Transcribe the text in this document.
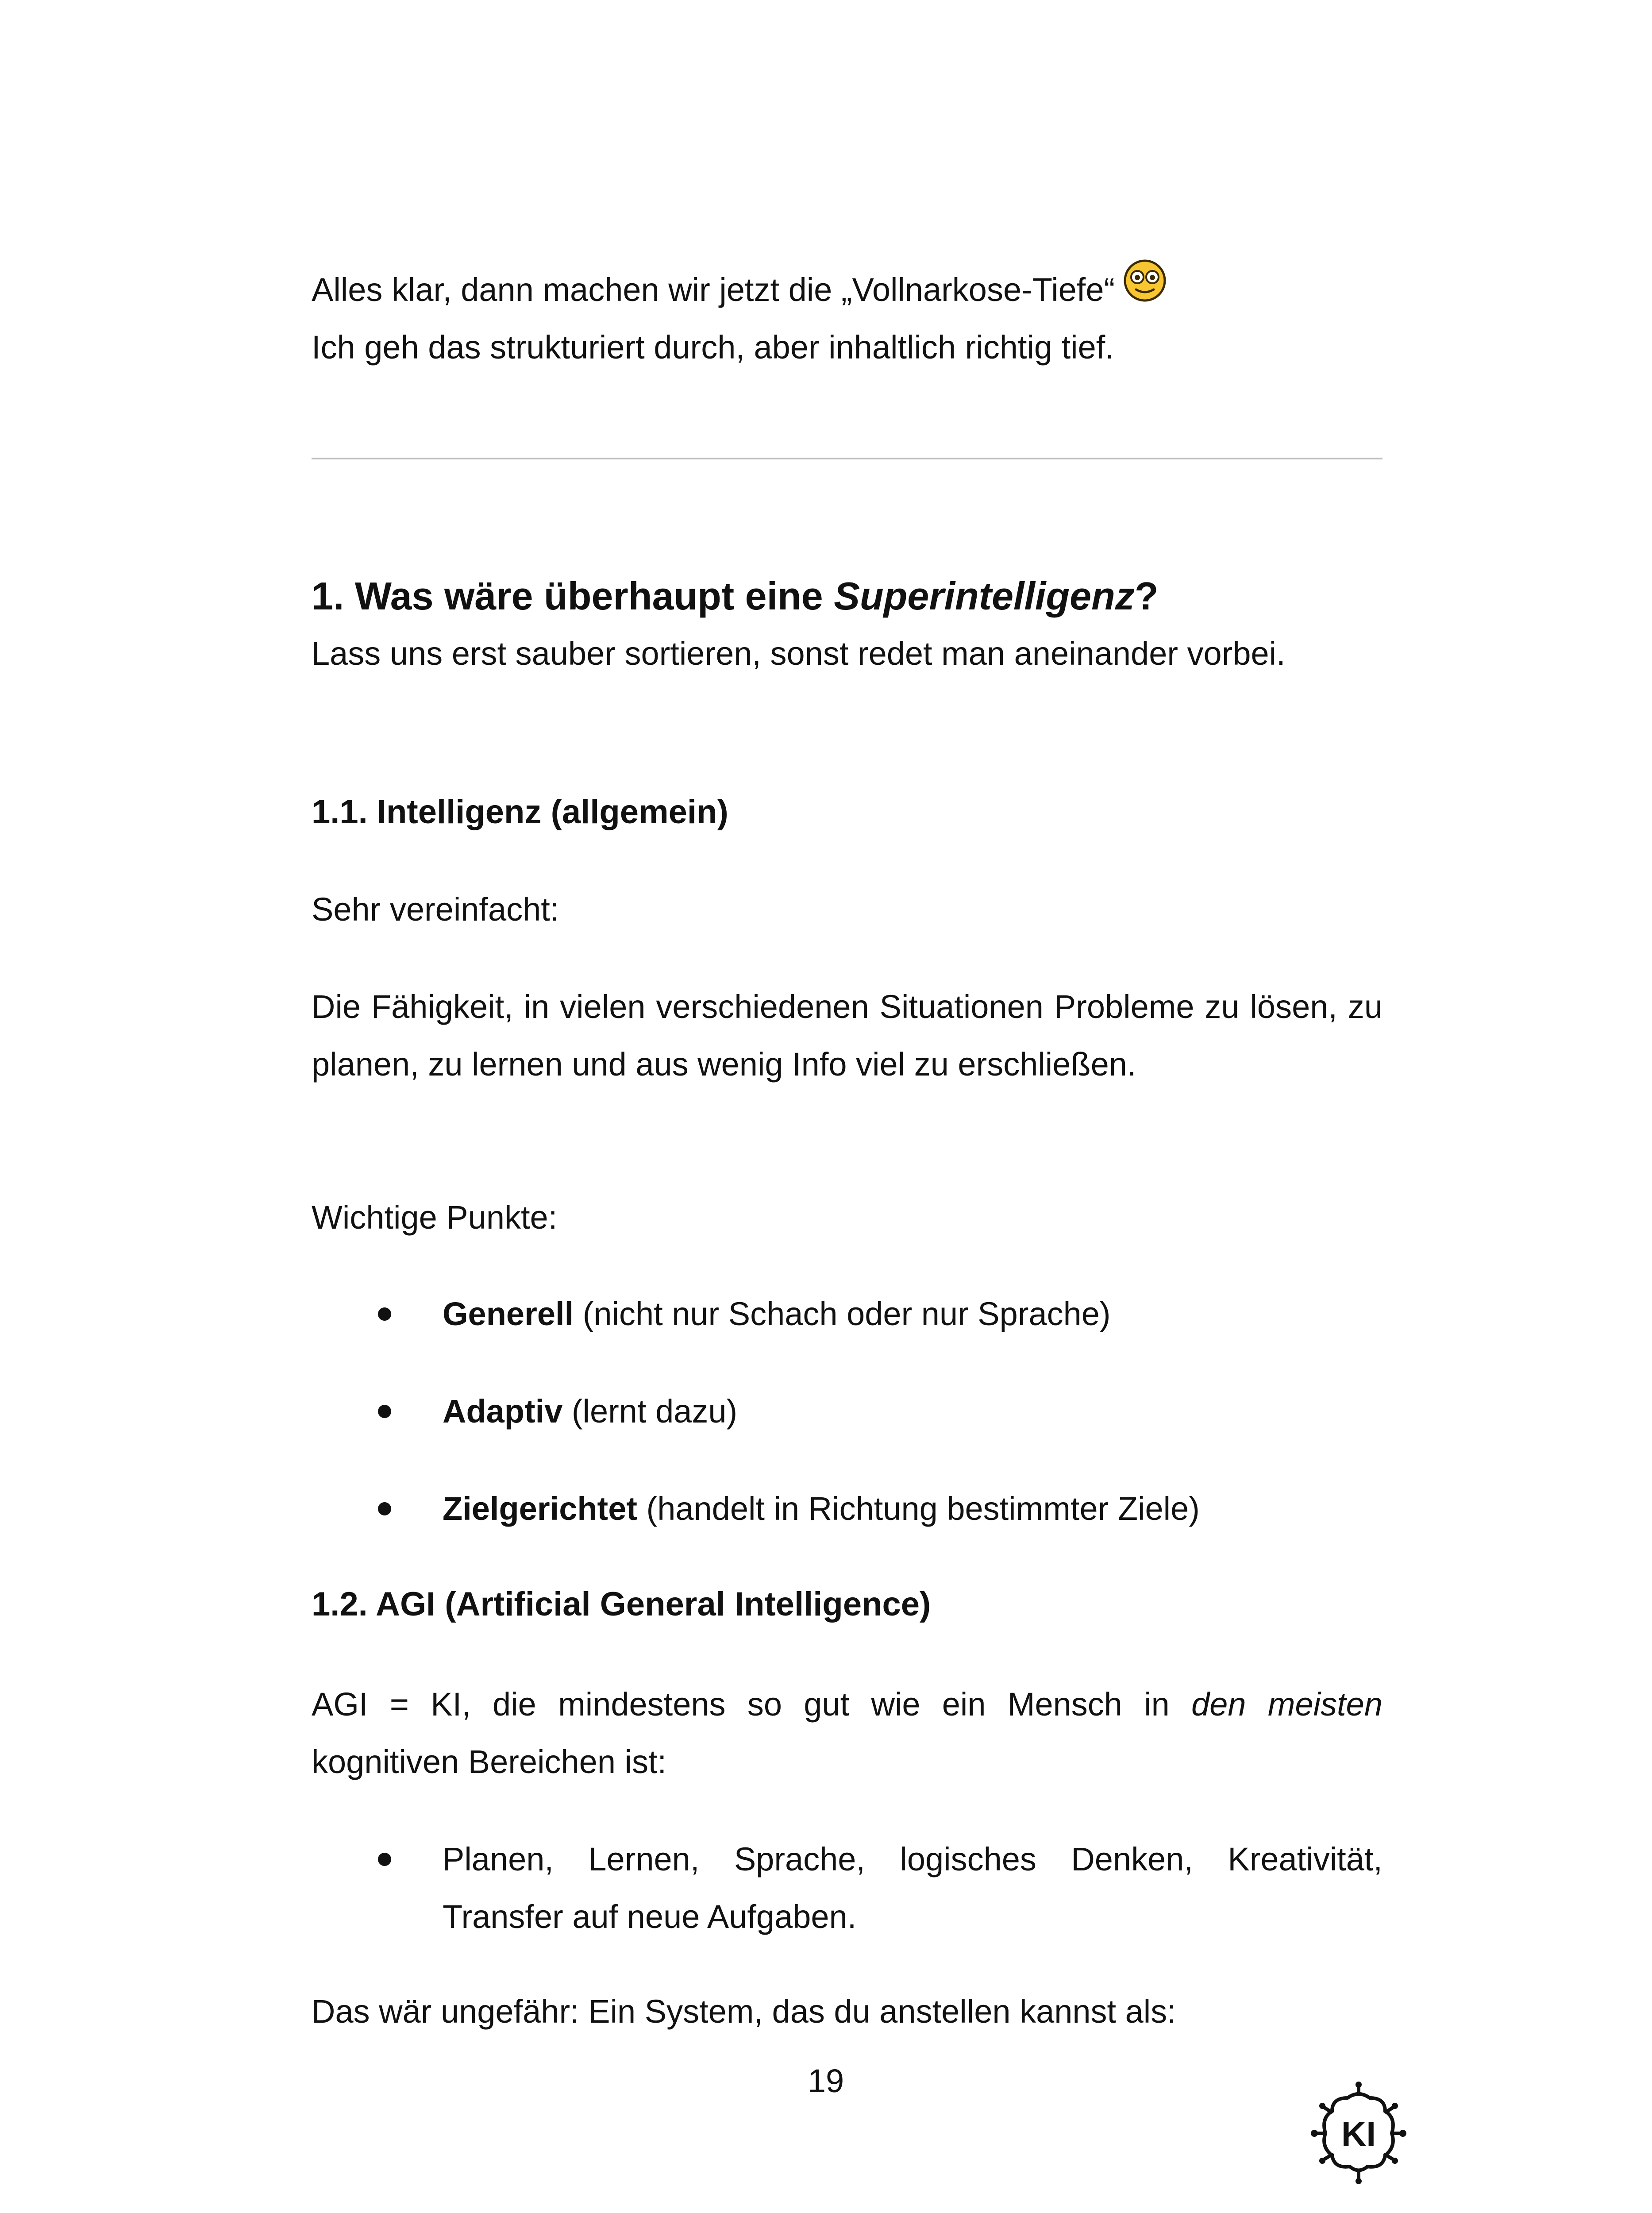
Alles klar, dann machen wir jetzt die „Vollnarkose-Tiefe“

Ich geh das strukturiert durch, aber inhaltlich richtig tief.

1. Was wäre überhaupt eine Superintelligenz?

Lass uns erst sauber sortieren, sonst redet man aneinander vorbei.

1.1. Intelligenz (allgemein)

Sehr vereinfacht:

Die Fähigkeit, in vielen verschiedenen Situationen Probleme zu lösen, zu planen, zu lernen und aus wenig Info viel zu erschließen.

Wichtige Punkte:

Generell (nicht nur Schach oder nur Sprache)
Adaptiv (lernt dazu)
Zielgerichtet (handelt in Richtung bestimmter Ziele)

1.2. AGI (Artificial General Intelligence)

AGI = KI, die mindestens so gut wie ein Mensch in den meisten kognitiven Bereichen ist:

Planen, Lernen, Sprache, logisches Denken, Kreativität, Transfer auf neue Aufgaben.

Das wär ungefähr: Ein System, das du anstellen kannst als:

19
KI
